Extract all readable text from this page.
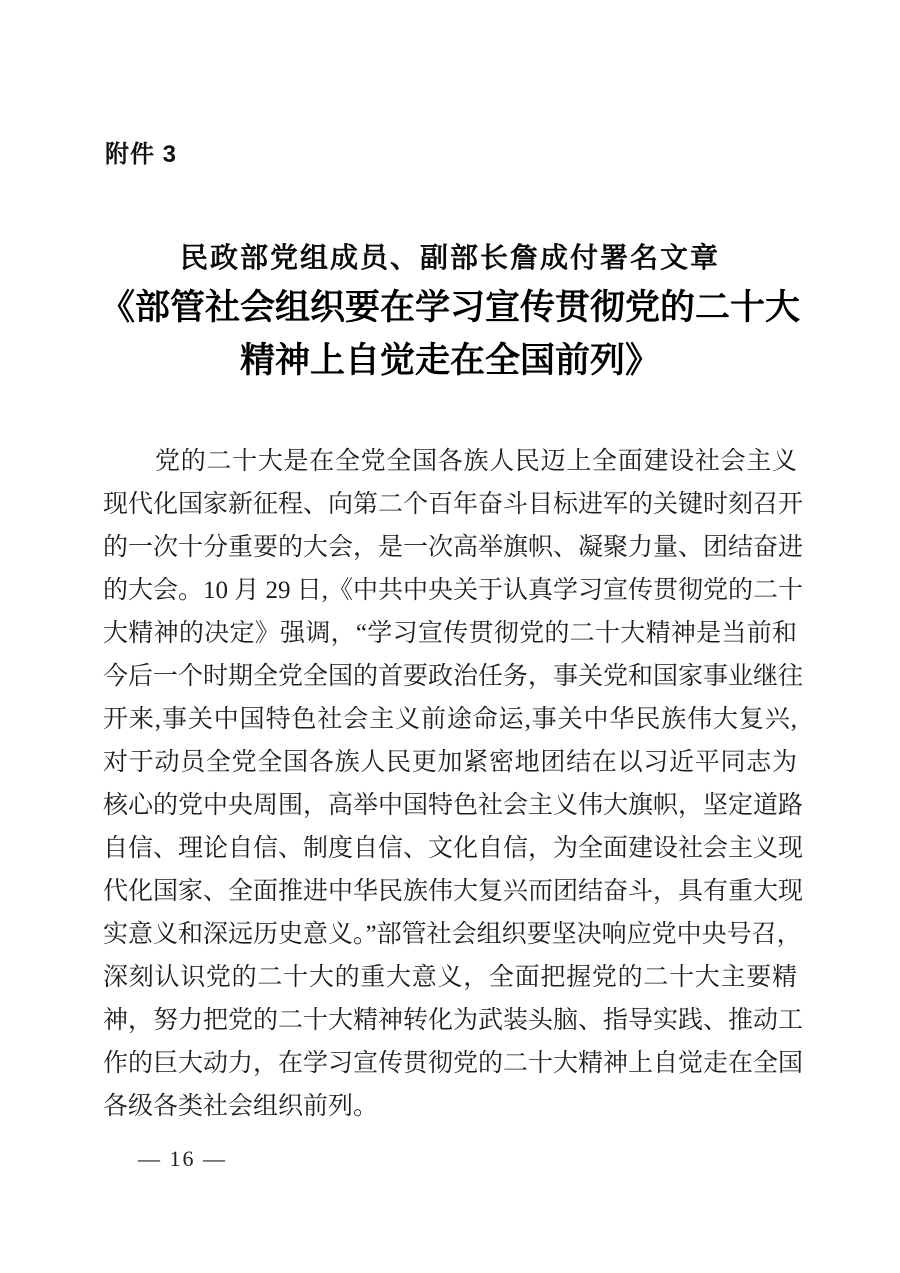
附件 3
民政部党组成员、副部长詹成付署名文章
《部管社会组织要在学习宣传贯彻党的二十大
精神上自觉走在全国前列》
党的二十大是在全党全国各族人民迈上全面建设社会主义
现代化国家新征程、向第二个百年奋斗目标进军的关键时刻召开
的一次十分重要的大会，是一次高举旗帜、凝聚力量、团结奋进
的大会。10 月 29 日,《中共中央关于认真学习宣传贯彻党的二十
大精神的决定》强调，“学习宣传贯彻党的二十大精神是当前和
今后一个时期全党全国的首要政治任务，事关党和国家事业继往
开来,事关中国特色社会主义前途命运,事关中华民族伟大复兴,
对于动员全党全国各族人民更加紧密地团结在以习近平同志为
核心的党中央周围，高举中国特色社会主义伟大旗帜，坚定道路
自信、理论自信、制度自信、文化自信，为全面建设社会主义现
代化国家、全面推进中华民族伟大复兴而团结奋斗，具有重大现
实意义和深远历史意义。”部管社会组织要坚决响应党中央号召，
深刻认识党的二十大的重大意义，全面把握党的二十大主要精
神，努力把党的二十大精神转化为武装头脑、指导实践、推动工
作的巨大动力，在学习宣传贯彻党的二十大精神上自觉走在全国
各级各类社会组织前列。
— 16 —
